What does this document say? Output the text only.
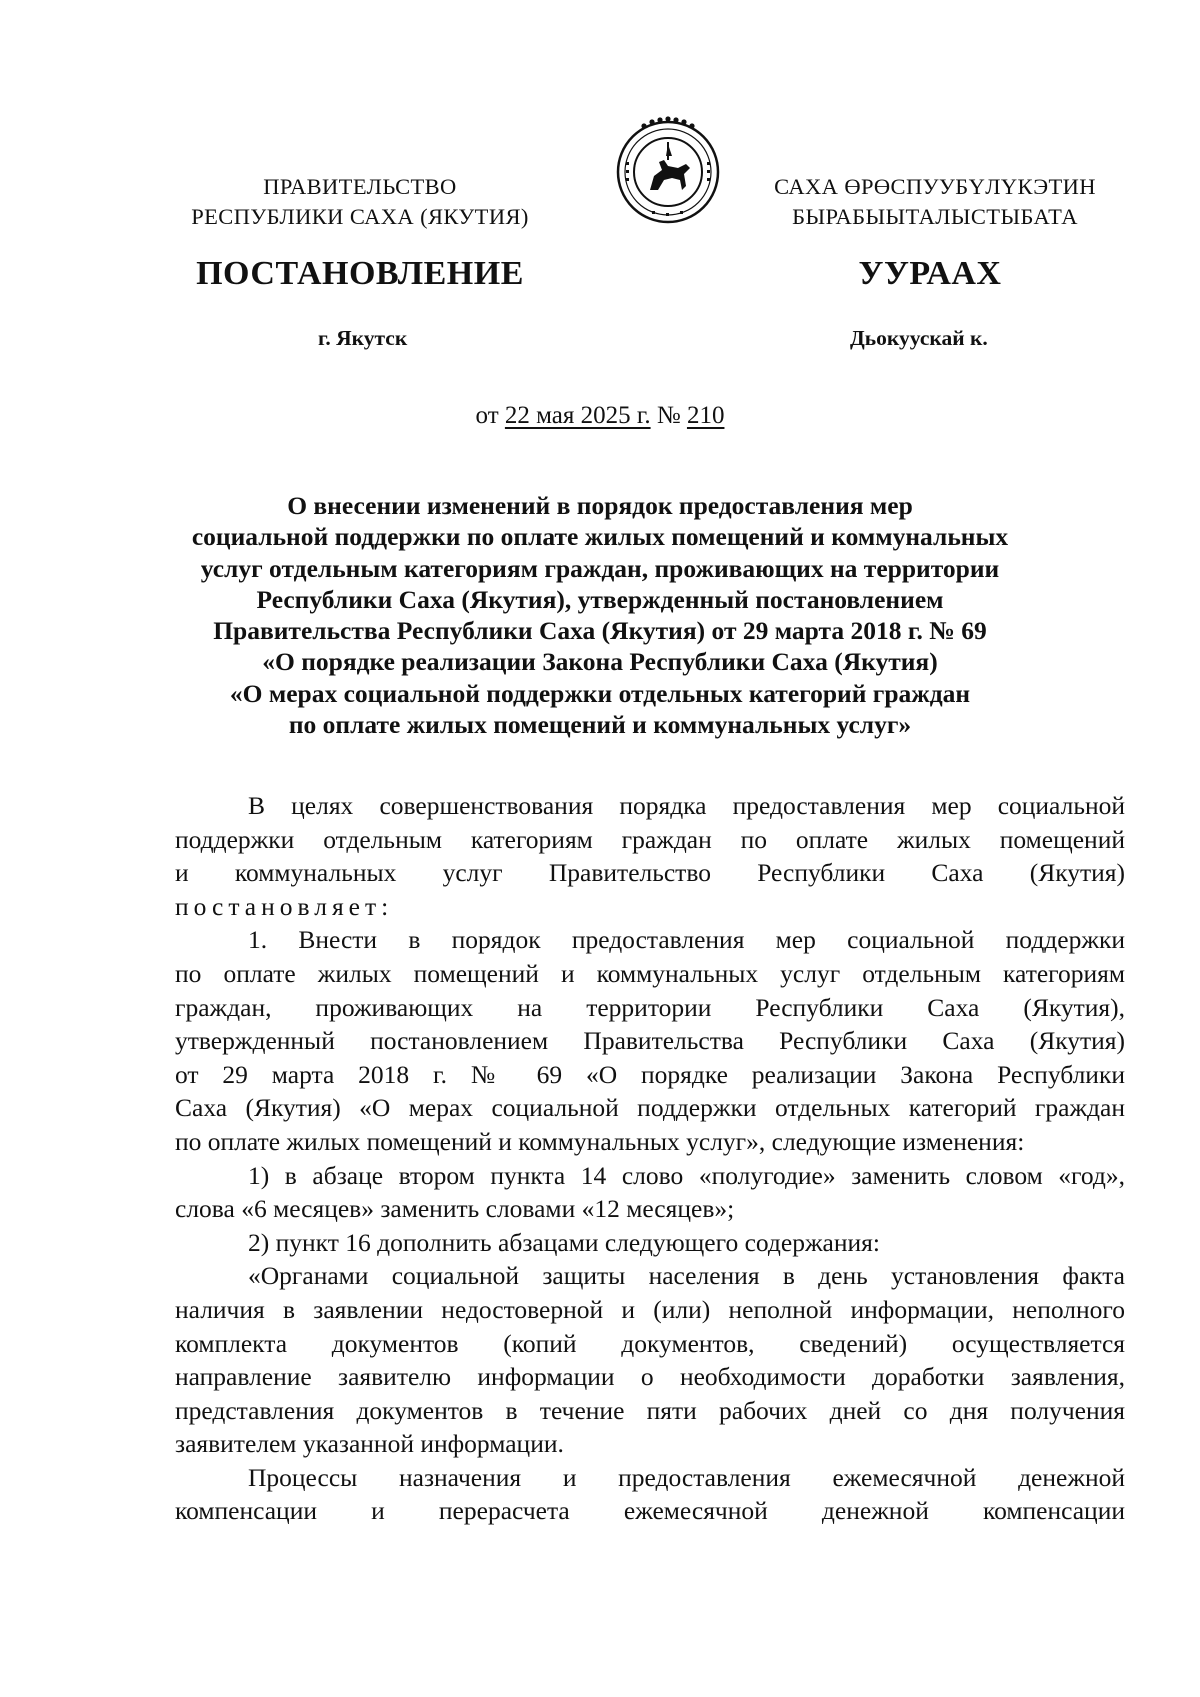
ПРАВИТЕЛЬСТВО
РЕСПУБЛИКИ САХА (ЯКУТИЯ)
САХА ӨРӨСПУУБҮЛҮКЭТИН
БЫРАБЫЫТАЛЫСТЫБАТА
ПОСТАНОВЛЕНИЕ	УУРААХ
г. Якутск	Дьокуускай к.
от 22 мая 2025 г. № 210
О внесении изменений в порядок предоставления мер
социальной поддержки по оплате жилых помещений и коммунальных
услуг отдельным категориям граждан, проживающих на территории
Республики Саха (Якутия), утвержденный постановлением
Правительства Республики Саха (Якутия) от 29 марта 2018 г. № 69
«О порядке реализации Закона Республики Саха (Якутия)
«О мерах социальной поддержки отдельных категорий граждан
по оплате жилых помещений и коммунальных услуг»
В целях совершенствования порядка предоставления мер социальной
поддержки отдельным категориям граждан по оплате жилых помещений
и коммунальных услуг Правительство Республики Саха (Якутия)
постановляет:
1. Внести в порядок предоставления мер социальной поддержки
по оплате жилых помещений и коммунальных услуг отдельным категориям
граждан, проживающих на территории Республики Саха (Якутия),
утвержденный постановлением Правительства Республики Саха (Якутия)
от 29 марта 2018 г. № 69 «О порядке реализации Закона Республики
Саха (Якутия) «О мерах социальной поддержки отдельных категорий граждан
по оплате жилых помещений и коммунальных услуг», следующие изменения:
1) в абзаце втором пункта 14 слово «полугодие» заменить словом «год»,
слова «6 месяцев» заменить словами «12 месяцев»;
2) пункт 16 дополнить абзацами следующего содержания:
«Органами социальной защиты населения в день установления факта
наличия в заявлении недостоверной и (или) неполной информации, неполного
комплекта документов (копий документов, сведений) осуществляется
направление заявителю информации о необходимости доработки заявления,
представления документов в течение пяти рабочих дней со дня получения
заявителем указанной информации.
Процессы назначения и предоставления ежемесячной денежной
компенсации и перерасчета ежемесячной денежной компенсации
